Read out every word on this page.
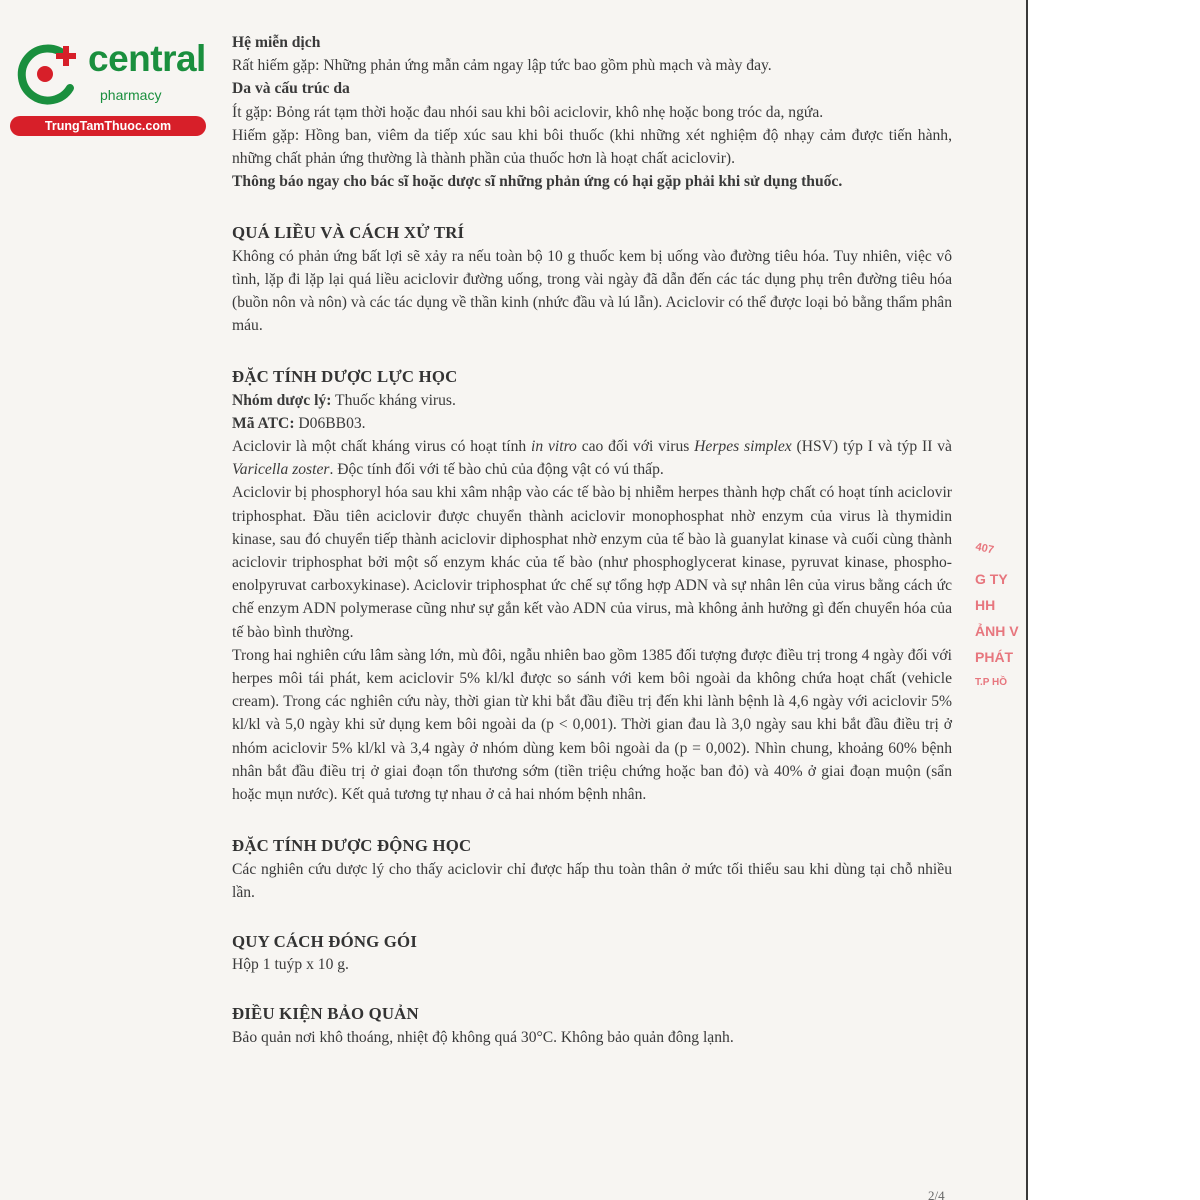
Hệ miễn dịch

Rất hiếm gặp: Những phản ứng mẫn cảm ngay lập tức bao gồm phù mạch và mày đay.

Da và cấu trúc da

Ít gặp: Bỏng rát tạm thời hoặc đau nhói sau khi bôi aciclovir, khô nhẹ hoặc bong tróc da, ngứa.

Hiếm gặp: Hồng ban, viêm da tiếp xúc sau khi bôi thuốc (khi những xét nghiệm độ nhạy cảm được tiến hành, những chất phản ứng thường là thành phần của thuốc hơn là hoạt chất aciclovir).

Thông báo ngay cho bác sĩ hoặc dược sĩ những phản ứng có hại gặp phải khi sử dụng thuốc.

QUÁ LIỀU VÀ CÁCH XỬ TRÍ

Không có phản ứng bất lợi sẽ xảy ra nếu toàn bộ 10 g thuốc kem bị uống vào đường tiêu hóa. Tuy nhiên, việc vô tình, lặp đi lặp lại quá liều aciclovir đường uống, trong vài ngày đã dẫn đến các tác dụng phụ trên đường tiêu hóa (buồn nôn và nôn) và các tác dụng về thần kinh (nhức đầu và lú lẫn). Aciclovir có thể được loại bỏ bằng thẩm phân máu.

ĐẶC TÍNH DƯỢC LỰC HỌC

Nhóm dược lý: Thuốc kháng virus.

Mã ATC: D06BB03.

Aciclovir là một chất kháng virus có hoạt tính in vitro cao đối với virus Herpes simplex (HSV) týp I và týp II và Varicella zoster. Độc tính đối với tế bào chủ của động vật có vú thấp.

Aciclovir bị phosphoryl hóa sau khi xâm nhập vào các tế bào bị nhiễm herpes thành hợp chất có hoạt tính aciclovir triphosphat. Đầu tiên aciclovir được chuyển thành aciclovir monophosphat nhờ enzym của virus là thymidin kinase, sau đó chuyển tiếp thành aciclovir diphosphat nhờ enzym của tế bào là guanylat kinase và cuối cùng thành aciclovir triphosphat bởi một số enzym khác của tế bào (như phosphoglycerat kinase, pyruvat kinase, phospho-enolpyruvat carboxykinase). Aciclovir triphosphat ức chế sự tổng hợp ADN và sự nhân lên của virus bằng cách ức chế enzym ADN polymerase cũng như sự gắn kết vào ADN của virus, mà không ảnh hưởng gì đến chuyển hóa của tế bào bình thường.

Trong hai nghiên cứu lâm sàng lớn, mù đôi, ngẫu nhiên bao gồm 1385 đối tượng được điều trị trong 4 ngày đối với herpes môi tái phát, kem aciclovir 5% kl/kl được so sánh với kem bôi ngoài da không chứa hoạt chất (vehicle cream). Trong các nghiên cứu này, thời gian từ khi bắt đầu điều trị đến khi lành bệnh là 4,6 ngày với aciclovir 5% kl/kl và 5,0 ngày khi sử dụng kem bôi ngoài da (p < 0,001). Thời gian đau là 3,0 ngày sau khi bắt đầu điều trị ở nhóm aciclovir 5% kl/kl và 3,4 ngày ở nhóm dùng kem bôi ngoài da (p = 0,002). Nhìn chung, khoảng 60% bệnh nhân bắt đầu điều trị ở giai đoạn tổn thương sớm (tiền triệu chứng hoặc ban đỏ) và 40% ở giai đoạn muộn (sẩn hoặc mụn nước). Kết quả tương tự nhau ở cả hai nhóm bệnh nhân.

ĐẶC TÍNH DƯỢC ĐỘNG HỌC

Các nghiên cứu dược lý cho thấy aciclovir chỉ được hấp thu toàn thân ở mức tối thiểu sau khi dùng tại chỗ nhiều lần.

QUY CÁCH ĐÓNG GÓI

Hộp 1 tuýp x 10 g.

ĐIỀU KIỆN BẢO QUẢN

Bảo quản nơi khô thoáng, nhiệt độ không quá 30°C. Không bảo quản đông lạnh.

2/4
407
G TY
HH
ẢNH V
PHÁT
T.P HỒ
central
pharmacy
TrungTamThuoc.com
